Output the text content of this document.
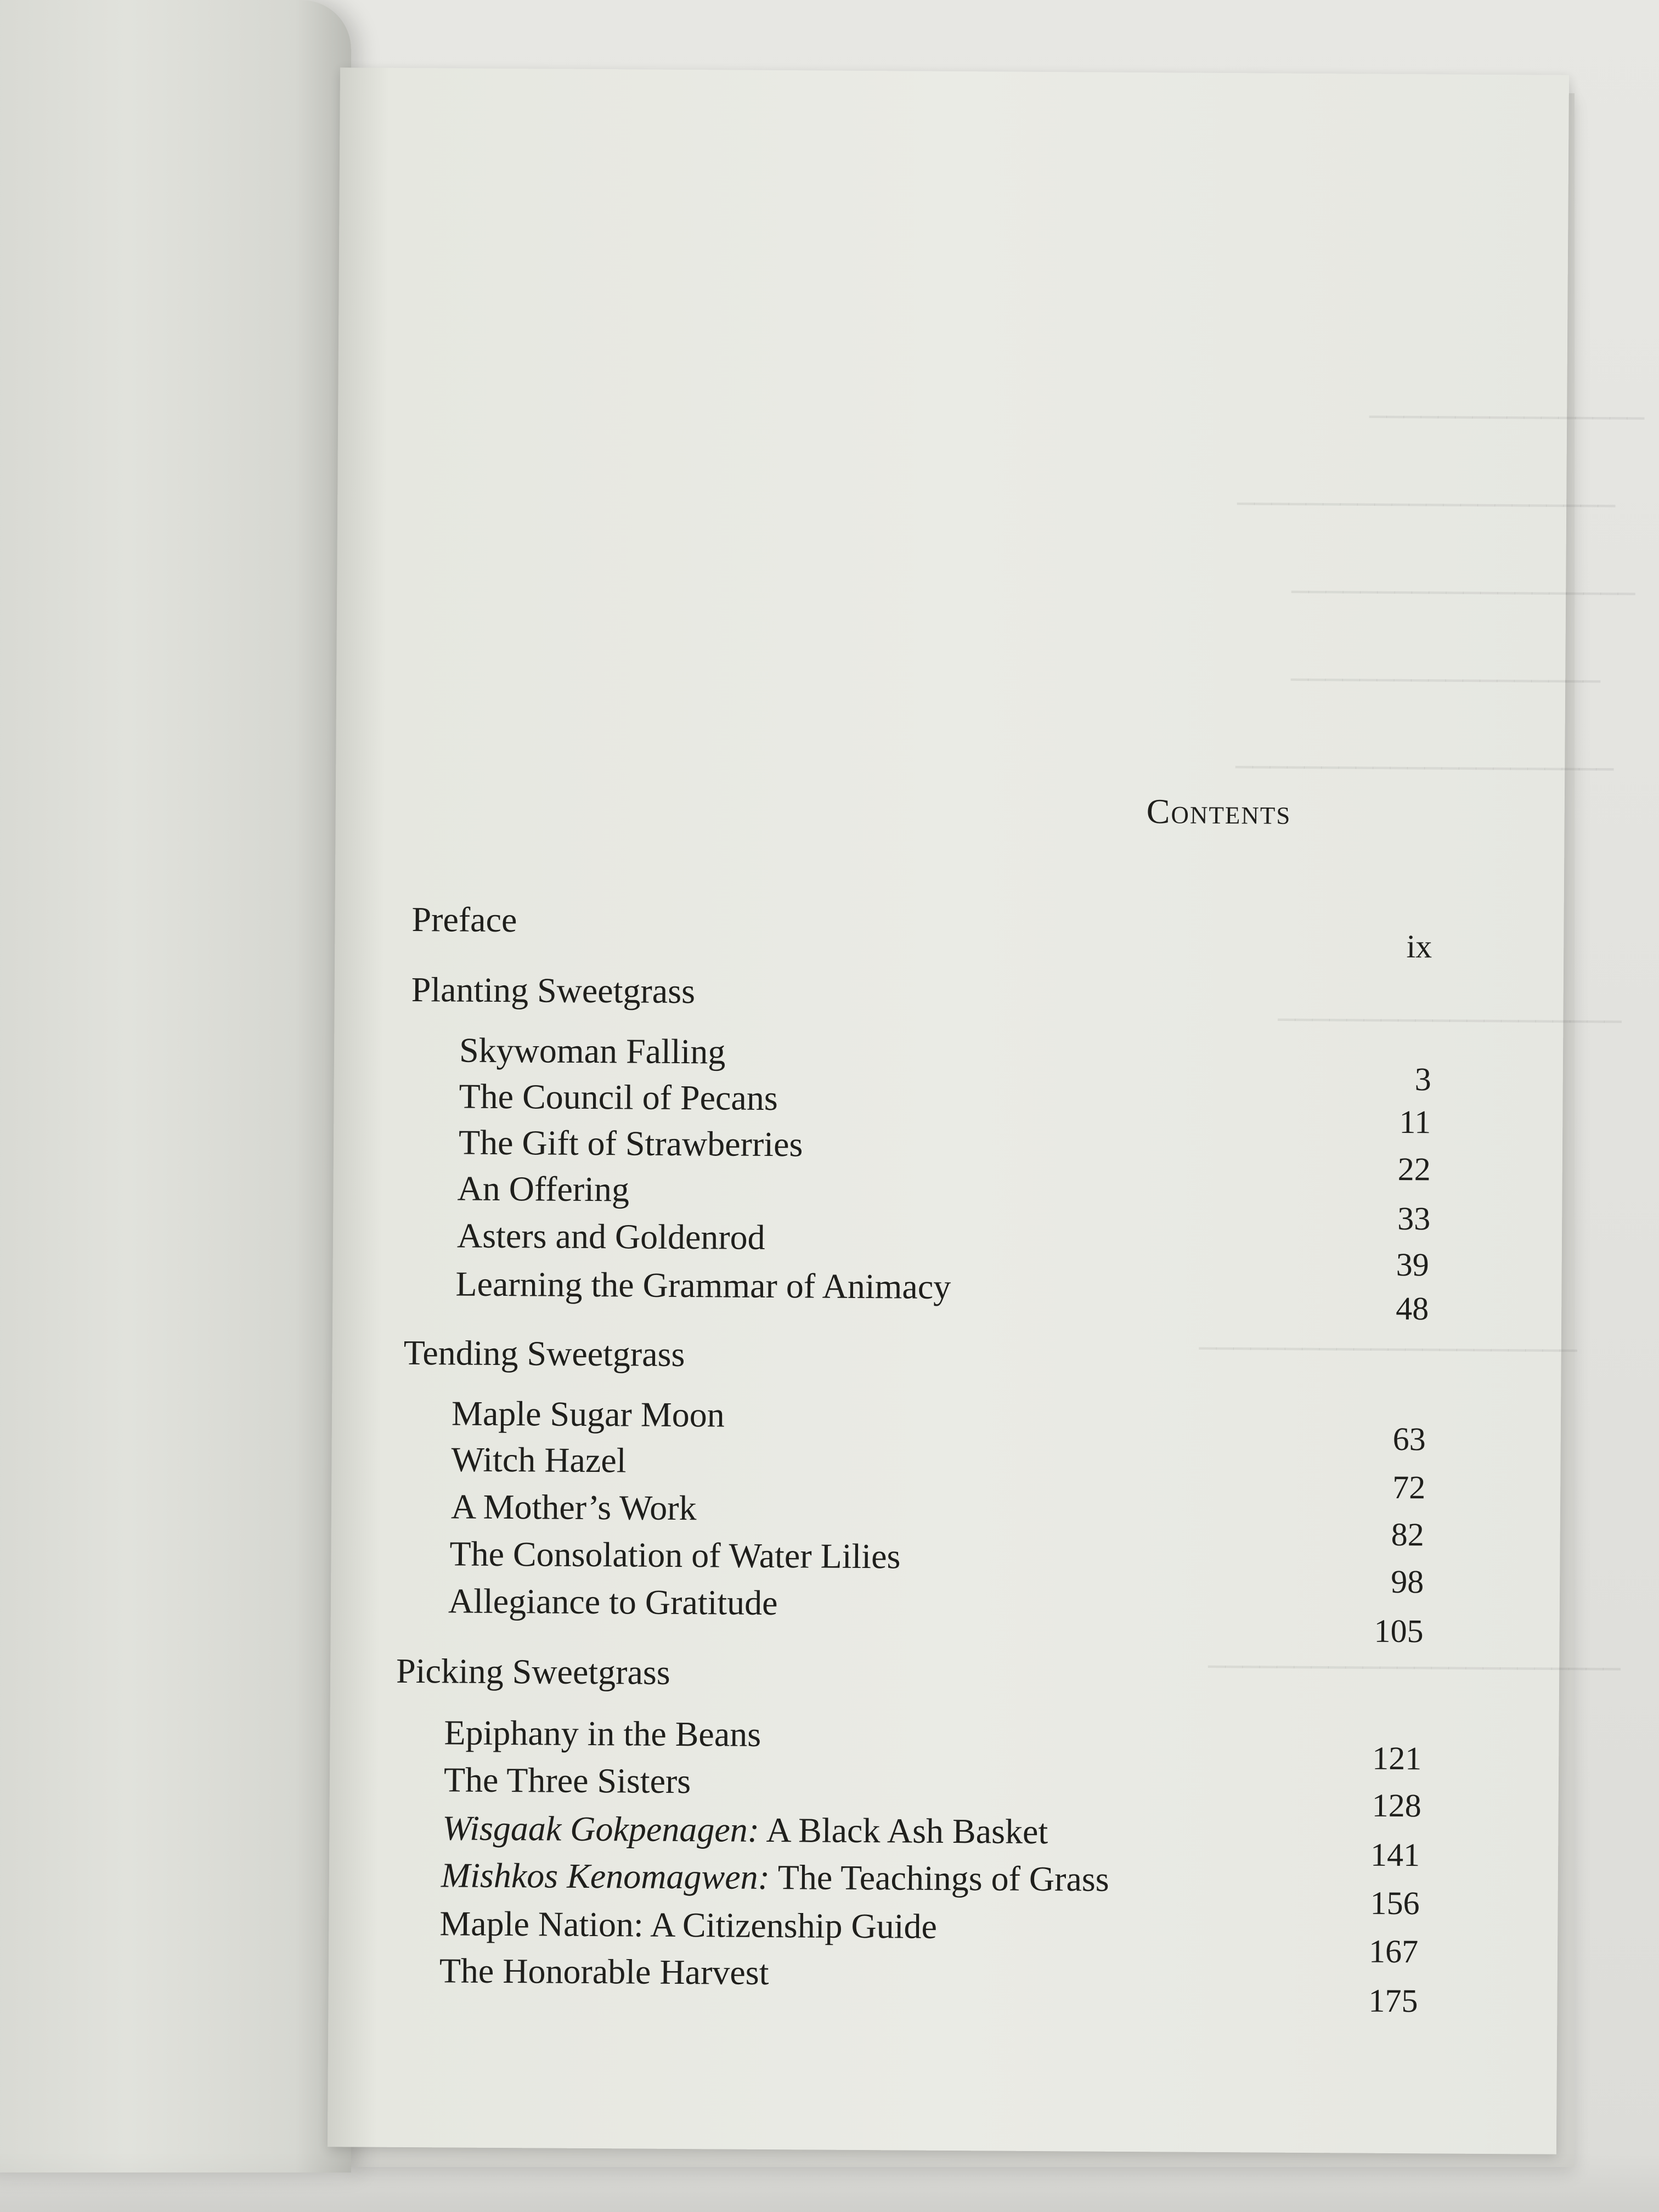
────────────────
──────────────────────
────────────────────
──────────────────
──────────────────────
────────────────────
──────────────────────
────────────────────────
Contents
Preface
ix
Planting Sweetgrass
Skywoman Falling
3
The Council of Pecans
11
The Gift of Strawberries
22
An Offering
33
Asters and Goldenrod
39
Learning the Grammar of Animacy
48
Tending Sweetgrass
Maple Sugar Moon
63
Witch Hazel
72
A Mother’s Work
82
The Consolation of Water Lilies
98
Allegiance to Gratitude
105
Picking Sweetgrass
Epiphany in the Beans
121
The Three Sisters
128
Wisgaak Gokpenagen: A Black Ash Basket
141
Mishkos Kenomagwen: The Teachings of Grass
156
Maple Nation: A Citizenship Guide
167
The Honorable Harvest
175
